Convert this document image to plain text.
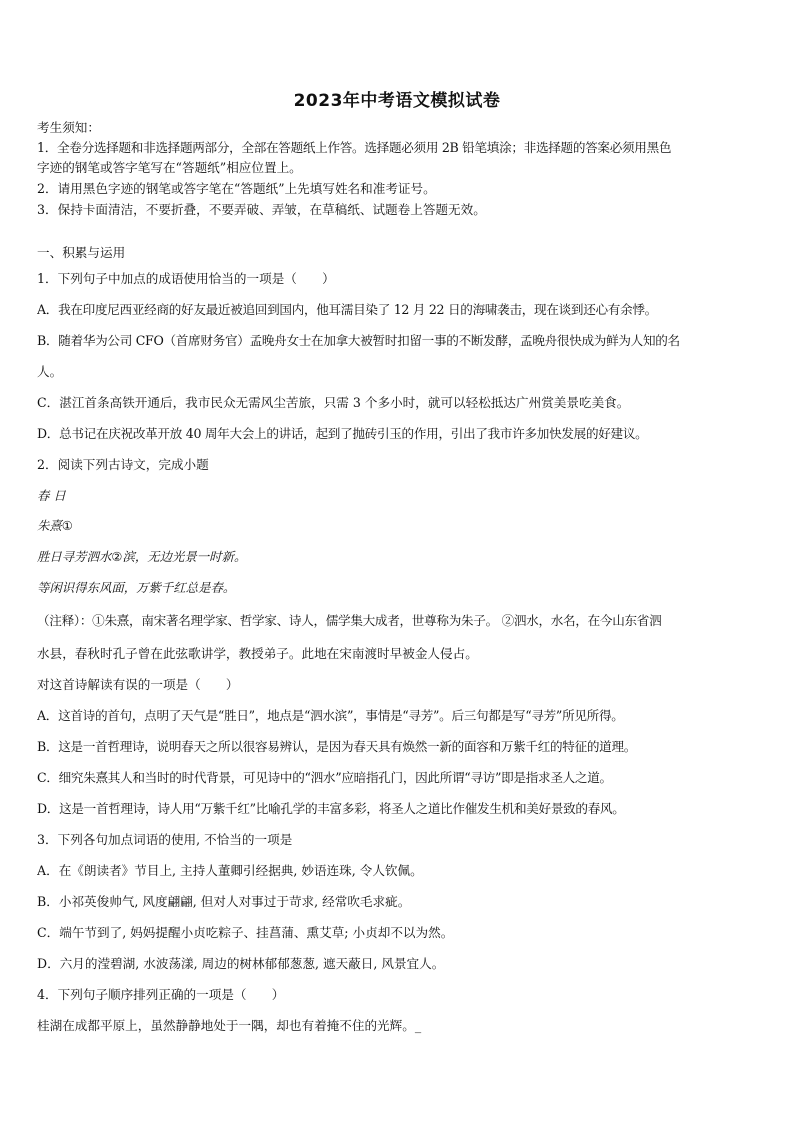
2023年中考语文模拟试卷
考生须知：
1．全卷分选择题和非选择题两部分，全部在答题纸上作答。选择题必须用 2B 铅笔填涂；非选择题的答案必须用黑色
字迹的钢笔或答字笔写在“答题纸”相应位置上。
2．请用黑色字迹的钢笔或答字笔在“答题纸”上先填写姓名和准考证号。
3．保持卡面清洁，不要折叠，不要弄破、弄皱，在草稿纸、试题卷上答题无效。
一、积累与运用
1．下列句子中加点的成语使用恰当的一项是（　　）
A．我在印度尼西亚经商的好友最近被追回到国内，他耳濡目染了 12 月 22 日的海啸袭击，现在谈到还心有余悸。
B．随着华为公司 CFO（首席财务官）孟晚舟女士在加拿大被暂时扣留一事的不断发酵，孟晚舟很快成为鲜为人知的名
人。
C．湛江首条高铁开通后，我市民众无需风尘苦旅，只需 3 个多小时，就可以轻松抵达广州赏美景吃美食。
D．总书记在庆祝改革开放 40 周年大会上的讲话，起到了抛砖引玉的作用，引出了我市许多加快发展的好建议。
2．阅读下列古诗文，完成小题
春 日
朱熹①
胜日寻芳泗水②滨，无边光景一时新。
等闲识得东风面，万紫千红总是春。
（注释）：①朱熹，南宋著名理学家、哲学家、诗人，儒学集大成者，世尊称为朱子。 ②泗水，水名，在今山东省泗
水县，春秋时孔子曾在此弦歌讲学，教授弟子。此地在宋南渡时早被金人侵占。
对这首诗解读有误的一项是（　　）
A．这首诗的首句，点明了天气是“胜日”，地点是“泗水滨”，事情是“寻芳”。后三句都是写“寻芳”所见所得。
B．这是一首哲理诗，说明春天之所以很容易辨认，是因为春天具有焕然一新的面容和万紫千红的特征的道理。
C．细究朱熹其人和当时的时代背景，可见诗中的“泗水”应暗指孔门，因此所谓“寻访”即是指求圣人之道。
D．这是一首哲理诗，诗人用“万紫千红”比喻孔学的丰富多彩，将圣人之道比作催发生机和美好景致的春风。
3．下列各句加点词语的使用, 不恰当的一项是
A．在《朗读者》节目上, 主持人董卿引经据典, 妙语连珠, 令人钦佩。
B．小祁英俊帅气, 风度翩翩, 但对人对事过于苛求, 经常吹毛求疵。
C．端午节到了, 妈妈提醒小贞吃粽子、挂菖蒲、熏艾草; 小贞却不以为然。
D．六月的滢碧湖, 水波荡漾, 周边的树林郁郁葱葱, 遮天蔽日, 风景宜人。
4．下列句子顺序排列正确的一项是（　　）
桂湖在成都平原上，虽然静静地处于一隅，却也有着掩不住的光辉。_
